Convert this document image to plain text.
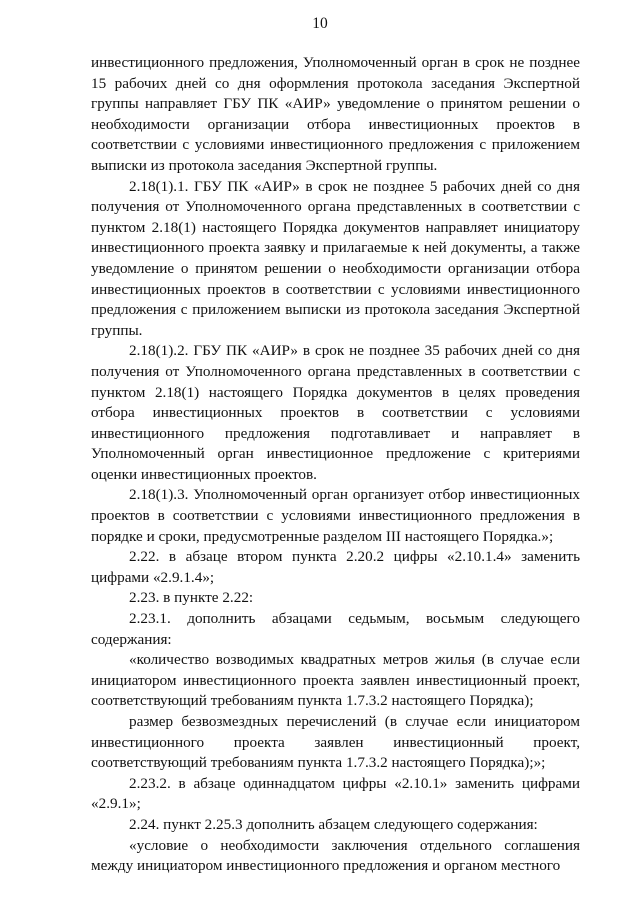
10

инвестиционного предложения, Уполномоченный орган в срок не позднее 15 рабочих дней со дня оформления протокола заседания Экспертной группы направляет ГБУ ПК «АИР» уведомление о принятом решении о необходимости организации отбора инвестиционных проектов в соответствии с условиями инвестиционного предложения с приложением выписки из протокола заседания Экспертной группы.

2.18(1).1. ГБУ ПК «АИР» в срок не позднее 5 рабочих дней со дня получения от Уполномоченного органа представленных в соответствии с пунктом 2.18(1) настоящего Порядка документов направляет инициатору инвестиционного проекта заявку и прилагаемые к ней документы, а также уведомление о принятом решении о необходимости организации отбора инвестиционных проектов в соответствии с условиями инвестиционного предложения с приложением выписки из протокола заседания Экспертной группы.

2.18(1).2. ГБУ ПК «АИР» в срок не позднее 35 рабочих дней со дня получения от Уполномоченного органа представленных в соответствии с пунктом 2.18(1) настоящего Порядка документов в целях проведения отбора инвестиционных проектов в соответствии с условиями инвестиционного предложения подготавливает и направляет в Уполномоченный орган инвестиционное предложение с критериями оценки инвестиционных проектов.

2.18(1).3. Уполномоченный орган организует отбор инвестиционных проектов в соответствии с условиями инвестиционного предложения в порядке и сроки, предусмотренные разделом III настоящего Порядка.»;

2.22. в абзаце втором пункта 2.20.2 цифры «2.10.1.4» заменить цифрами «2.9.1.4»;

2.23. в пункте 2.22:

2.23.1. дополнить абзацами седьмым, восьмым следующего содержания:

«количество возводимых квадратных метров жилья (в случае если инициатором инвестиционного проекта заявлен инвестиционный проект, соответствующий требованиям пункта 1.7.3.2 настоящего Порядка);

размер безвозмездных перечислений (в случае если инициатором инвестиционного проекта заявлен инвестиционный проект, соответствующий требованиям пункта 1.7.3.2 настоящего Порядка);»;

2.23.2. в абзаце одиннадцатом цифры «2.10.1» заменить цифрами «2.9.1»;

2.24. пункт 2.25.3 дополнить абзацем следующего содержания:

«условие о необходимости заключения отдельного соглашения между инициатором инвестиционного предложения и органом местного
